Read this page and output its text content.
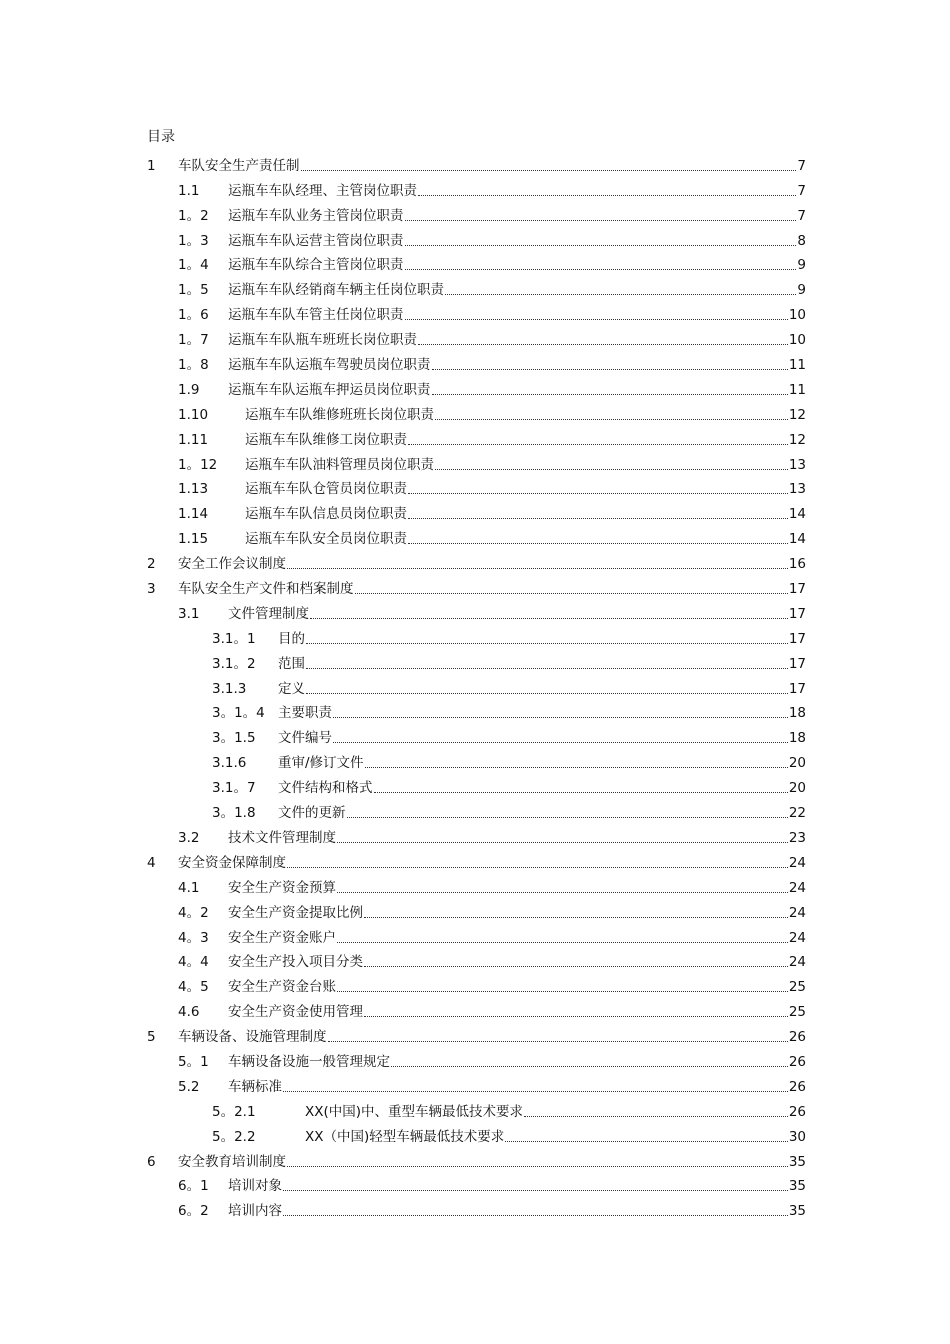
目录
1	车队安全生产责任制	7
1.1	运瓶车车队经理、主管岗位职责	7
1。2	运瓶车车队业务主管岗位职责	7
1。3	运瓶车车队运营主管岗位职责	8
1。4	运瓶车车队综合主管岗位职责	9
1。5	运瓶车车队经销商车辆主任岗位职责	9
1。6	运瓶车车队车管主任岗位职责	10
1。7	运瓶车车队瓶车班班长岗位职责	10
1。8	运瓶车车队运瓶车驾驶员岗位职责	11
1.9	运瓶车车队运瓶车押运员岗位职责	11
1.10	运瓶车车队维修班班长岗位职责	12
1.11	运瓶车车队维修工岗位职责	12
1。12	运瓶车车队油料管理员岗位职责	13
1.13	运瓶车车队仓管员岗位职责	13
1.14	运瓶车车队信息员岗位职责	14
1.15	运瓶车车队安全员岗位职责	14
2	安全工作会议制度	16
3	车队安全生产文件和档案制度	17
3.1	文件管理制度	17
3.1。1	目的	17
3.1。2	范围	17
3.1.3	定义	17
3。1。4 主要职责	18
3。1.5	文件编号	18
3.1.6	重审/修订文件	20
3.1。7	文件结构和格式	20
3。1.8	文件的更新	22
3.2	技术文件管理制度	23
4	安全资金保障制度	24
4.1	安全生产资金预算	24
4。2	安全生产资金提取比例	24
4。3	安全生产资金账户	24
4。4	安全生产投入项目分类	24
4。5	安全生产资金台账	25
4.6	安全生产资金使用管理	25
5	车辆设备、设施管理制度	26
5。1	车辆设备设施一般管理规定	26
5.2	车辆标准	26
5。2.1	XX(中国)中、重型车辆最低技术要求	26
5。2.2	XX（中国)轻型车辆最低技术要求	30
6	安全教育培训制度	35
6。1	培训对象	35
6。2	培训内容	35
